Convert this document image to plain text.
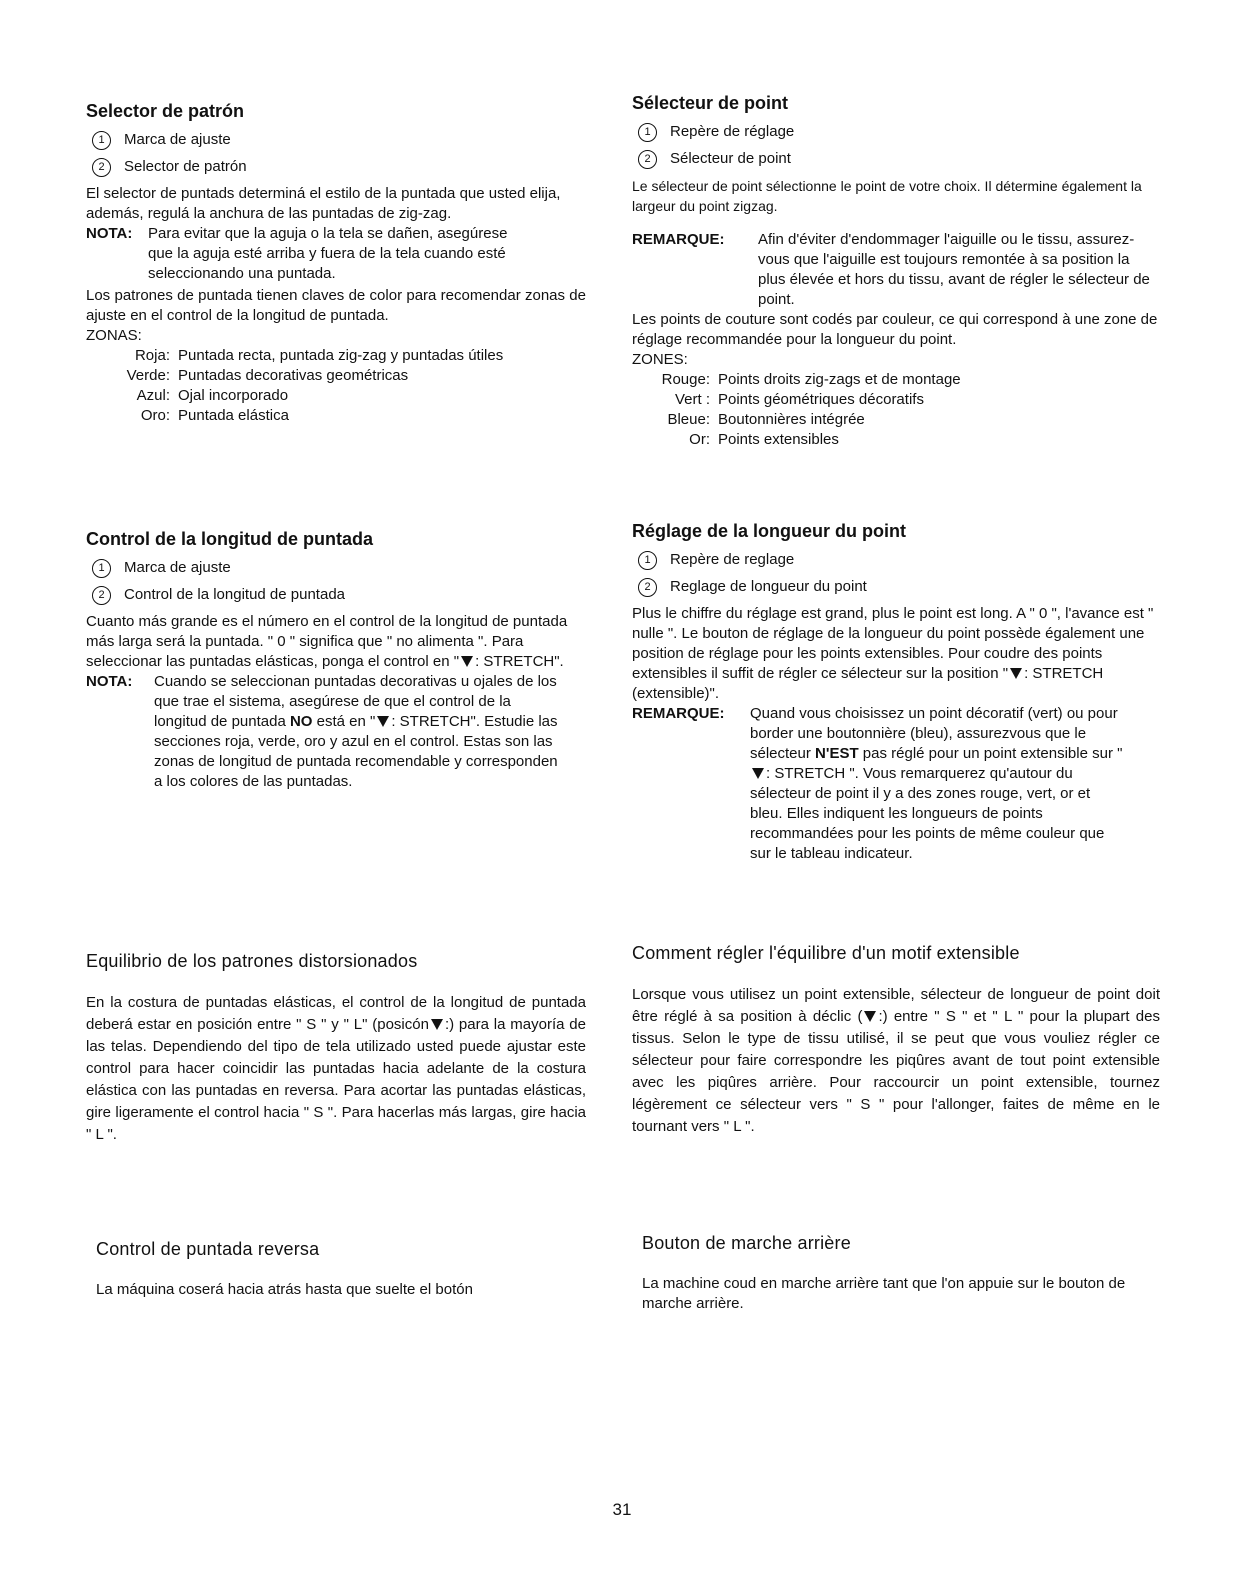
Selector de patrón
1	Marca de ajuste
2	Selector de patrón

El selector de puntads determiná el estilo de la puntada que usted elija, además, regulá la anchura de las puntadas de zig-zag.

NOTA:	Para evitar que la aguja o la tela se dañen, asegúrese que la aguja esté arriba y fuera de la tela cuando esté seleccionando una puntada.

Los patrones de puntada tienen claves de color para recomendar zonas de ajuste en el control de la longitud de puntada.

ZONAS:

Roja: Puntada recta, puntada zig-zag y puntadas útiles
Verde: Puntadas decorativas geométricas
Azul: Ojal incorporado
Oro: Puntada elástica
Control de la longitud de puntada
1	Marca de ajuste
2	Control de la longitud de puntada

Cuanto más grande es el número en el control de la longitud de puntada más larga será la puntada. " 0 " significa que " no alimenta ". Para seleccionar las puntadas elásticas, ponga el control en " : STRETCH".

NOTA:	Cuando se seleccionan puntadas decorativas u ojales de los que trae el sistema, asegúrese de que el control de la longitud de puntada NO está en " : STRETCH". Estudie las secciones roja, verde, oro y azul en el control. Estas son las zonas de longitud de puntada recomendable y corresponden a los colores de las puntadas.
Equilibrio de los patrones distorsionados

En la costura de puntadas elásticas, el control de la longitud de puntada deberá estar en posición entre " S " y " L" (posicón :) para la mayoría de las telas. Dependiendo del tipo de tela utilizado usted puede ajustar este control para hacer coincidir las puntadas hacia adelante de la costura elástica con las puntadas en reversa. Para acortar las puntadas elásticas, gire ligeramente el control hacia " S ". Para hacerlas más largas, gire hacia " L ".

Control de puntada reversa

La máquina coserá hacia atrás hasta que suelte el botón

Sélecteur de point
1	Repère de réglage
2	Sélecteur de point

Le sélecteur de point sélectionne le point de votre choix. Il détermine également la largeur du point zigzag.

REMARQUE:	Afin d'éviter d'endommager l'aiguille ou le tissu, assurez-vous que l'aiguille est toujours remontée à sa position la plus élevée et hors du tissu, avant de régler le sélecteur de point.

Les points de couture sont codés par couleur, ce qui correspond à une zone de réglage recommandée pour la longueur du point.

ZONES:

Rouge: Points droits zig-zags et de montage
Vert : Points géométriques décoratifs
Bleue: Boutonnières intégrée
Or: Points extensibles
Réglage de la longueur du point
1	Repère de reglage
2	Reglage de longueur du point

Plus le chiffre du réglage est grand, plus le point est long. A " 0 ", l'avance est " nulle ". Le bouton de réglage de la longueur du point possède également une position de réglage pour les points extensibles. Pour coudre des points extensibles il suffit de régler ce sélecteur sur la position " : STRETCH (extensible)".

REMARQUE:	Quand vous choisissez un point décoratif (vert) ou pour border une boutonnière (bleu), assurezvous que le sélecteur N'EST pas réglé pour un point extensible sur ": STRETCH ". Vous remarquerez qu'autour du sélecteur de point il y a des zones rouge, vert, or et bleu. Elles indiquent les longueurs de points recommandées pour les points de même couleur que sur le tableau indicateur.
Comment régler l'équilibre d'un motif extensible

Lorsque vous utilisez un point extensible, sélecteur de longueur de point doit être réglé à sa position à déclic ( :) entre " S " et " L " pour la plupart des tissus. Selon le type de tissu utilisé, il se peut que vous vouliez régler ce sélecteur pour faire correspondre les piqûres avant de tout point extensible avec les piqûres arrière. Pour raccourcir un point extensible, tournez légèrement ce sélecteur vers " S " pour l'allonger, faites de même en le tournant vers " L ".

Bouton de marche arrière

La machine coud en marche arrière tant que l'on appuie sur le bouton de marche arrière.

31
